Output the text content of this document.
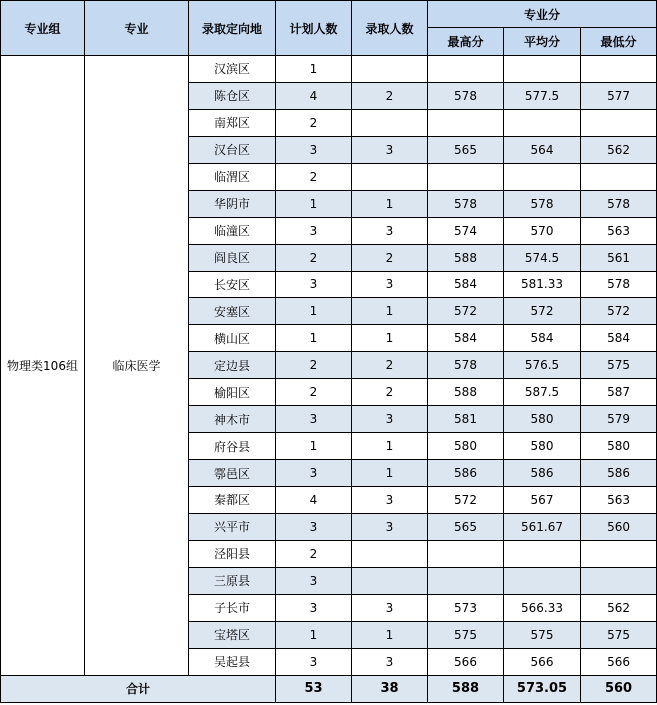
专业组	专业	录取定向地	计划人数	录取人数	专业分		
					最高分	平均分	最低分
物理类106组	临床医学	汉滨区	1				
		陈仓区	4	2	578	577.5	577
		南郑区	2				
		汉台区	3	3	565	564	562
		临渭区	2				
		华阴市	1	1	578	578	578
		临潼区	3	3	574	570	563
		阎良区	2	2	588	574.5	561
		长安区	3	3	584	581.33	578
		安塞区	1	1	572	572	572
		横山区	1	1	584	584	584
		定边县	2	2	578	576.5	575
		榆阳区	2	2	588	587.5	587
		神木市	3	3	581	580	579
		府谷县	1	1	580	580	580
		鄠邑区	3	1	586	586	586
		秦都区	4	3	572	567	563
		兴平市	3	3	565	561.67	560
		泾阳县	2				
		三原县	3				
		子长市	3	3	573	566.33	562
		宝塔区	1	1	575	575	575
		吴起县	3	3	566	566	566
合计			53	38	588	573.05	560
